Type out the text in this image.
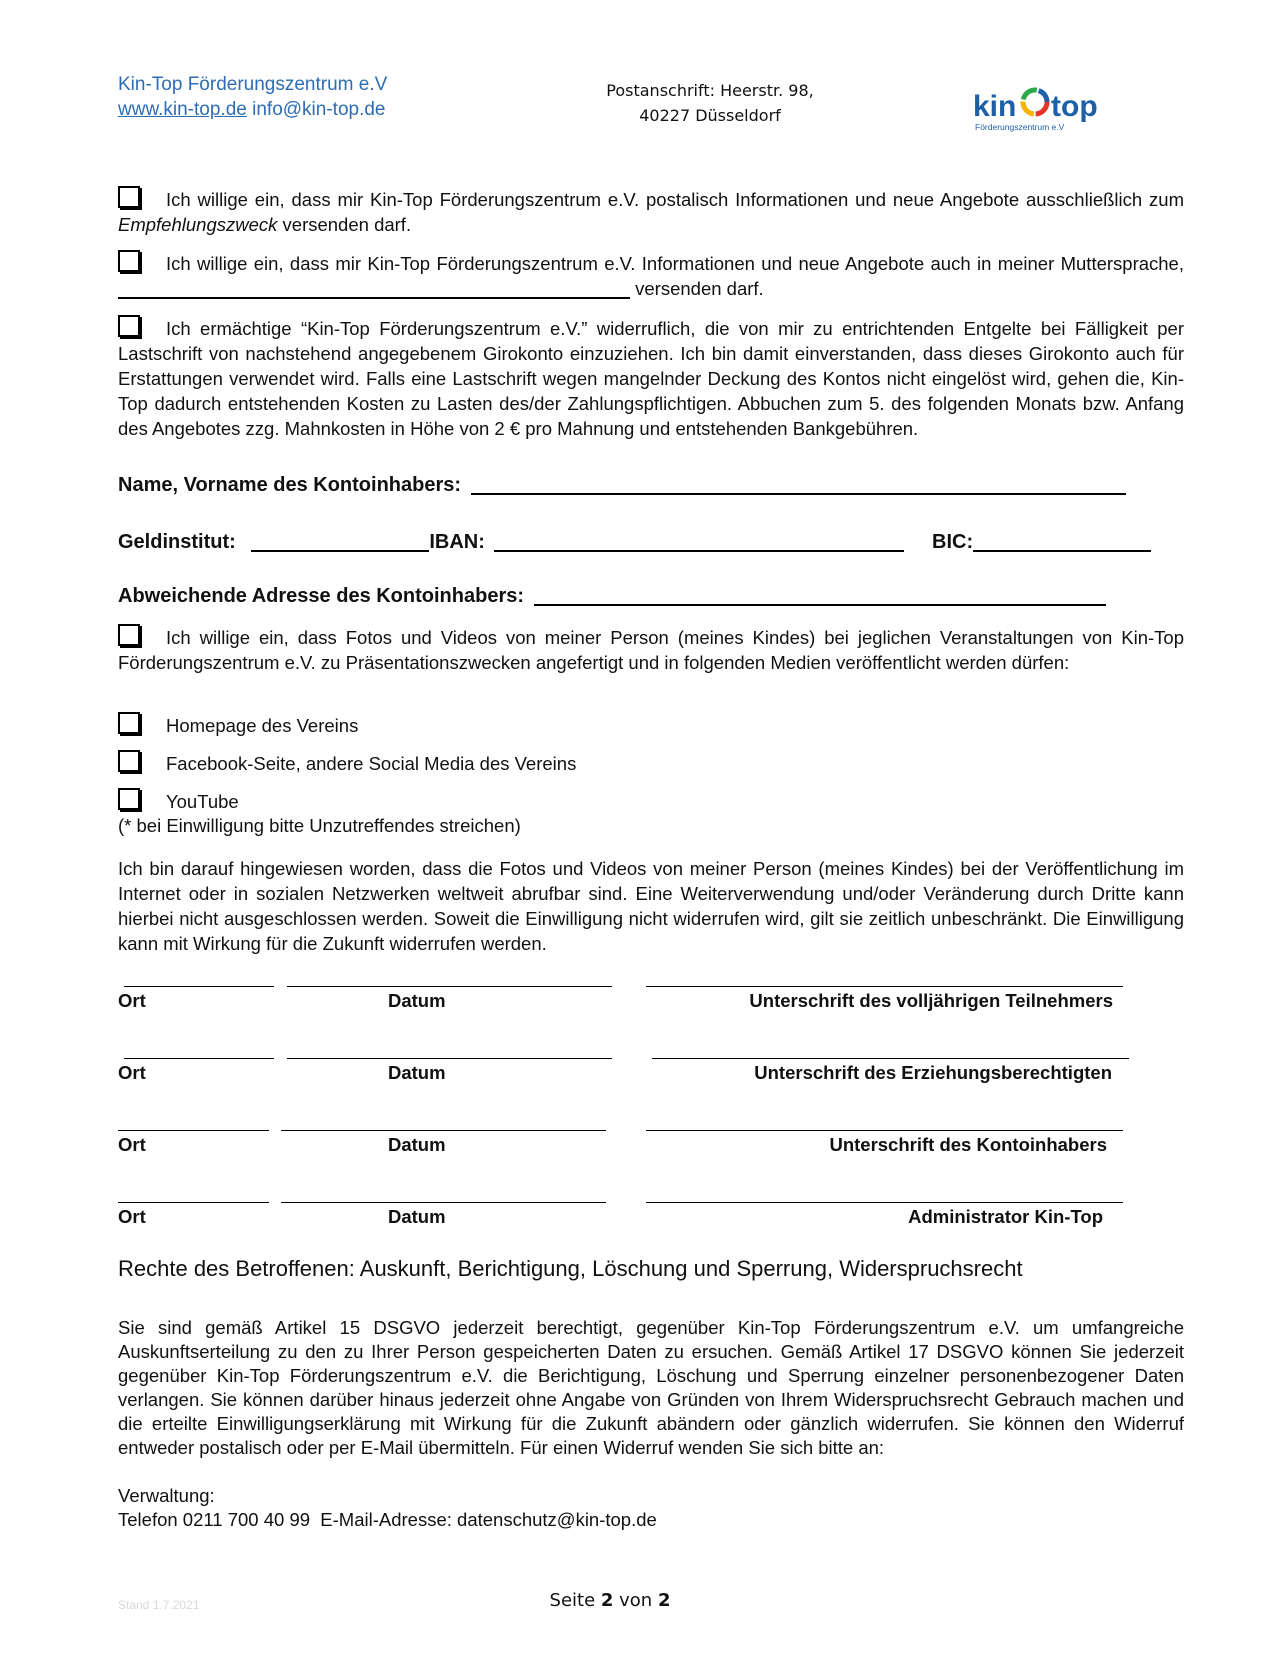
Kin-Top Förderungszentrum e.V
www.kin-top.de info@kin-top.de
Postanschrift: Heerstr. 98,
40227 Düsseldorf	kin top
Förderungszentrum e.V
Ich willige ein, dass mir Kin-Top Förderungszentrum e.V. postalisch Informationen und neue Angebote ausschließlich zum Empfehlungszweck versenden darf.
Ich willige ein, dass mir Kin-Top Förderungszentrum e.V. Informationen und neue Angebote auch in meiner Muttersprache,  versenden darf.
Ich ermächtige “Kin-Top Förderungszentrum e.V.” widerruflich, die von mir zu entrichtenden Entgelte bei Fälligkeit per Lastschrift von nachstehend angegebenem Girokonto einzuziehen. Ich bin damit einverstanden, dass dieses Girokonto auch für Erstattungen verwendet wird. Falls eine Lastschrift wegen mangelnder Deckung des Kontos nicht eingelöst wird, gehen die, Kin-Top dadurch entstehenden Kosten zu Lasten des/der Zahlungspflichtigen. Abbuchen zum 5. des folgenden Monats bzw. Anfang des Angebotes zzg. Mahnkosten in Höhe von 2 € pro Mahnung und entstehenden Bankgebühren.
Name, Vorname des Kontoinhabers:
Geldinstitut:	IBAN:	BIC:
Abweichende Adresse des Kontoinhabers:
Ich willige ein, dass Fotos und Videos von meiner Person (meines Kindes) bei jeglichen Veranstaltungen von Kin-Top Förderungszentrum e.V. zu Präsentationszwecken angefertigt und in folgenden Medien veröffentlicht werden dürfen:
Homepage des Vereins
Facebook-Seite, andere Social Media des Vereins
YouTube
(* bei Einwilligung bitte Unzutreffendes streichen)
Ich bin darauf hingewiesen worden, dass die Fotos und Videos von meiner Person (meines Kindes) bei der Veröffentlichung im Internet oder in sozialen Netzwerken weltweit abrufbar sind. Eine Weiterverwendung und/oder Veränderung durch Dritte kann hierbei nicht ausgeschlossen werden. Soweit die Einwilligung nicht widerrufen wird, gilt sie zeitlich unbeschränkt. Die Einwilligung kann mit Wirkung für die Zukunft widerrufen werden.
Ort	Datum	Unterschrift des volljährigen Teilnehmers
Ort	Datum	Unterschrift des Erziehungsberechtigten
Ort	Datum	Unterschrift des Kontoinhabers
Ort	Datum	Administrator Kin-Top
Rechte des Betroffenen: Auskunft, Berichtigung, Löschung und Sperrung, Widerspruchsrecht
Sie sind gemäß Artikel 15 DSGVO jederzeit berechtigt, gegenüber Kin-Top Förderungszentrum e.V. um umfangreiche Auskunftserteilung zu den zu Ihrer Person gespeicherten Daten zu ersuchen. Gemäß Artikel 17 DSGVO können Sie jederzeit gegenüber Kin-Top Förderungszentrum e.V. die Berichtigung, Löschung und Sperrung einzelner personenbezogener Daten verlangen. Sie können darüber hinaus jederzeit ohne Angabe von Gründen von Ihrem Widerspruchsrecht Gebrauch machen und die erteilte Einwilligungserklärung mit Wirkung für die Zukunft abändern oder gänzlich widerrufen. Sie können den Widerruf entweder postalisch oder per E-Mail übermitteln. Für einen Widerruf wenden Sie sich bitte an:
Verwaltung:
Telefon 0211 700 40 99  E-Mail-Adresse: datenschutz@kin-top.de
Stand 1.7.2021	Seite 2 von 2
